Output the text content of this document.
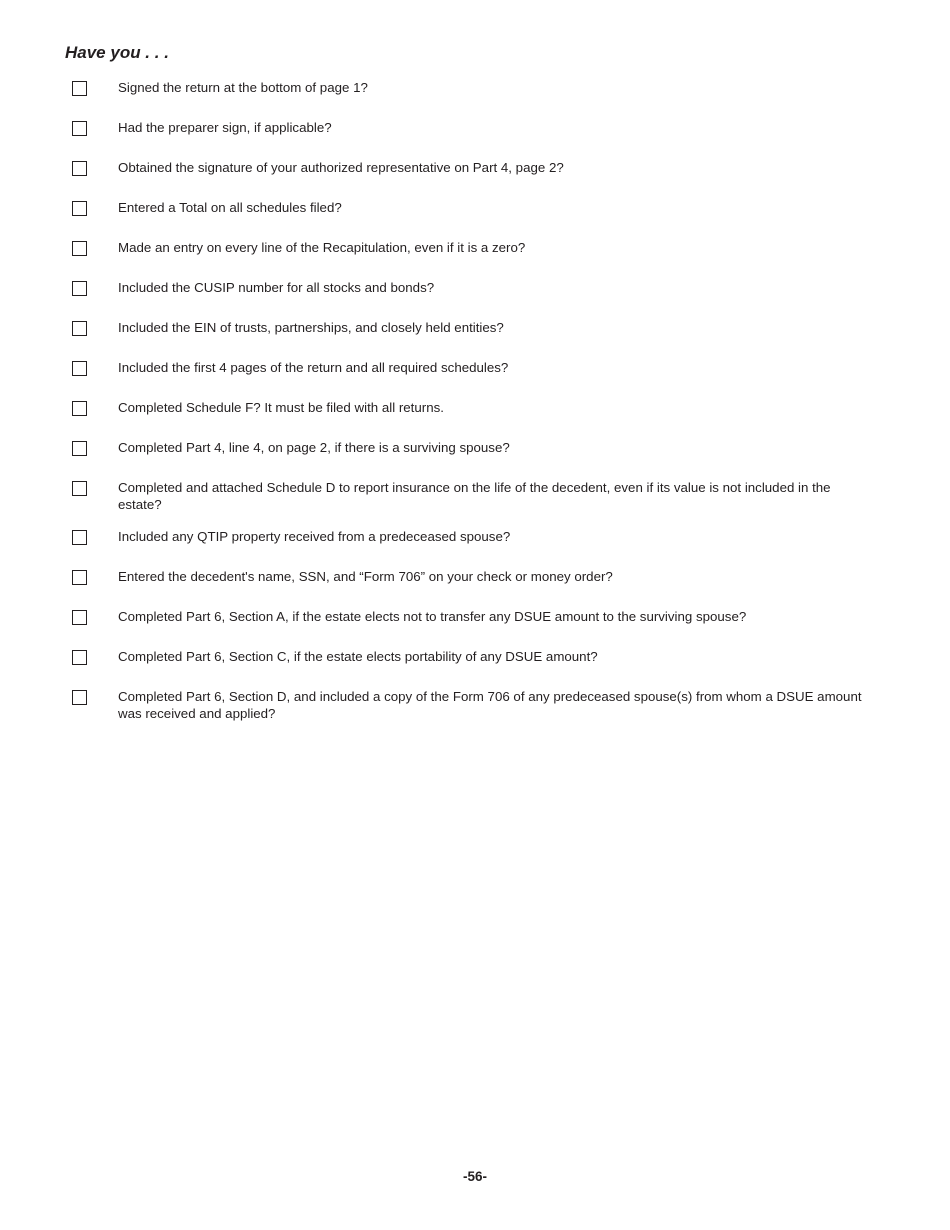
Have you . . .
Signed the return at the bottom of page 1?
Had the preparer sign, if applicable?
Obtained the signature of your authorized representative on Part 4, page 2?
Entered a Total on all schedules filed?
Made an entry on every line of the Recapitulation, even if it is a zero?
Included the CUSIP number for all stocks and bonds?
Included the EIN of trusts, partnerships, and closely held entities?
Included the first 4 pages of the return and all required schedules?
Completed Schedule F? It must be filed with all returns.
Completed Part 4, line 4, on page 2, if there is a surviving spouse?
Completed and attached Schedule D to report insurance on the life of the decedent, even if its value is not included in the estate?
Included any QTIP property received from a predeceased spouse?
Entered the decedent's name, SSN, and “Form 706” on your check or money order?
Completed Part 6, Section A, if the estate elects not to transfer any DSUE amount to the surviving spouse?
Completed Part 6, Section C, if the estate elects portability of any DSUE amount?
Completed Part 6, Section D, and included a copy of the Form 706 of any predeceased spouse(s) from whom a DSUE amount was received and applied?
-56-
